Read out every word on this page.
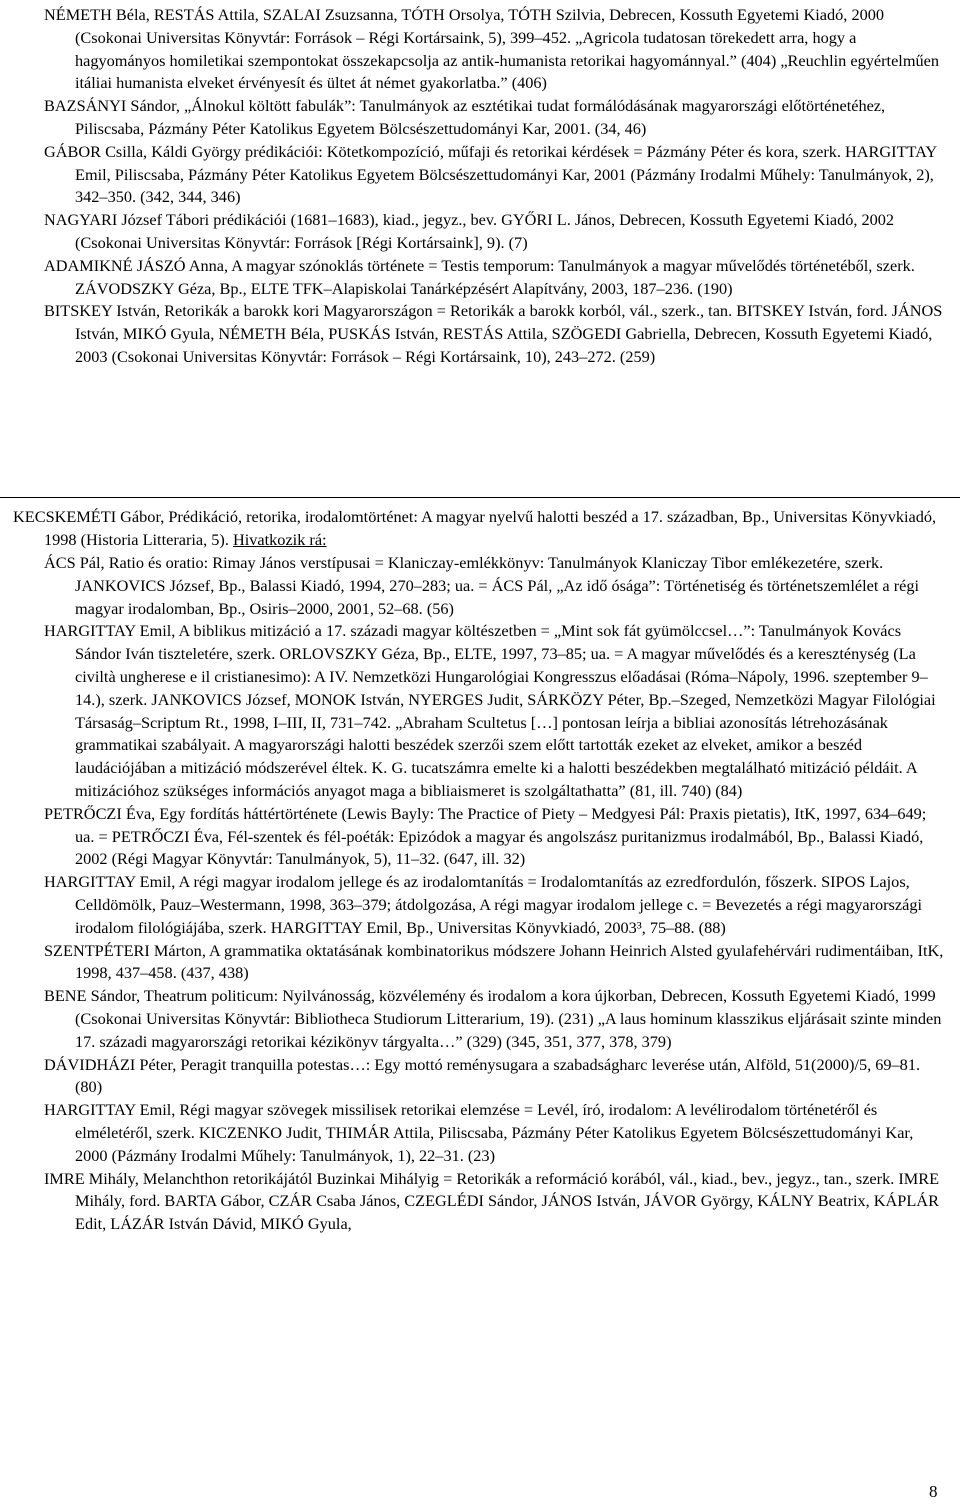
NÉMETH Béla, RESTÁS Attila, SZALAI Zsuzsanna, TÓTH Orsolya, TÓTH Szilvia, Debrecen, Kossuth Egyetemi Kiadó, 2000 (Csokonai Universitas Könyvtár: Források – Régi Kortársaink, 5), 399–452. „Agricola tudatosan törekedett arra, hogy a hagyományos homiletikai szempontokat összekapcsolja az antik-humanista retorikai hagyománnyal.” (404) „Reuchlin egyértelműen itáliai humanista elveket érvényesít és ültet át német gyakorlatba.” (406)

BAZSÁNYI Sándor, „Álnokul költött fabulák”: Tanulmányok az esztétikai tudat formálódásának magyarországi előtörténetéhez, Piliscsaba, Pázmány Péter Katolikus Egyetem Bölcsészettudományi Kar, 2001. (34, 46)

GÁBOR Csilla, Káldi György prédikációi: Kötetkompozíció, műfaji és retorikai kérdések = Pázmány Péter és kora, szerk. HARGITTAY Emil, Piliscsaba, Pázmány Péter Katolikus Egyetem Bölcsészettudományi Kar, 2001 (Pázmány Irodalmi Műhely: Tanulmányok, 2), 342–350. (342, 344, 346)

NAGYARI József Tábori prédikációi (1681–1683), kiad., jegyz., bev. GYŐRI L. János, Debrecen, Kossuth Egyetemi Kiadó, 2002 (Csokonai Universitas Könyvtár: Források [Régi Kortársaink], 9). (7)

ADAMIKNÉ JÁSZÓ Anna, A magyar szónoklás története = Testis temporum: Tanulmányok a magyar művelődés történetéből, szerk. ZÁVODSZKY Géza, Bp., ELTE TFK–Alapiskolai Tanárképzésért Alapítvány, 2003, 187–236. (190)

BITSKEY István, Retorikák a barokk kori Magyarországon = Retorikák a barokk korból, vál., szerk., tan. BITSKEY István, ford. JÁNOS István, MIKÓ Gyula, NÉMETH Béla, PUSKÁS István, RESTÁS Attila, SZÖGEDI Gabriella, Debrecen, Kossuth Egyetemi Kiadó, 2003 (Csokonai Universitas Könyvtár: Források – Régi Kortársaink, 10), 243–272. (259)

KECSKEMÉTI Gábor, Prédikáció, retorika, irodalomtörténet: A magyar nyelvű halotti beszéd a 17. században, Bp., Universitas Könyvkiadó, 1998 (Historia Litteraria, 5). Hivatkozik rá:

ÁCS Pál, Ratio és oratio: Rimay János verstípusai = Klaniczay-emlékkönyv: Tanulmányok Klaniczay Tibor emlékezetére, szerk. JANKOVICS József, Bp., Balassi Kiadó, 1994, 270–283; ua. = ÁCS Pál, „Az idő ósága”: Történetiség és történetszemlélet a régi magyar irodalomban, Bp., Osiris–2000, 2001, 52–68. (56)

HARGITTAY Emil, A biblikus mitizáció a 17. századi magyar költészetben = „Mint sok fát gyümölccsel…”: Tanulmányok Kovács Sándor Iván tiszteletére, szerk. ORLOVSZKY Géza, Bp., ELTE, 1997, 73–85; ua. = A magyar művelődés és a kereszténység (La civiltà ungherese e il cristianesimo): A IV. Nemzetközi Hungarológiai Kongresszus előadásai (Róma–Nápoly, 1996. szeptember 9–14.), szerk. JANKOVICS József, MONOK István, NYERGES Judit, SÁRKÖZY Péter, Bp.–Szeged, Nemzetközi Magyar Filológiai Társaság–Scriptum Rt., 1998, I–III, II, 731–742. „Abraham Scultetus […] pontosan leírja a bibliai azonosítás létrehozásának grammatikai szabályait. A magyarországi halotti beszédek szerzői szem előtt tartották ezeket az elveket, amikor a beszéd laudációjában a mitizáció módszerével éltek. K. G. tucatszámra emelte ki a halotti beszédekben megtalálható mitizáció példáit. A mitizációhoz szükséges információs anyagot maga a bibliaismeret is szolgáltathatta” (81, ill. 740) (84)

PETRŐCZI Éva, Egy fordítás háttértörténete (Lewis Bayly: The Practice of Piety – Medgyesi Pál: Praxis pietatis), ItK, 1997, 634–649; ua. = PETRŐCZI Éva, Fél-szentek és fél-poéták: Epizódok a magyar és angolszász puritanizmus irodalmából, Bp., Balassi Kiadó, 2002 (Régi Magyar Könyvtár: Tanulmányok, 5), 11–32. (647, ill. 32)

HARGITTAY Emil, A régi magyar irodalom jellege és az irodalomtanítás = Irodalomtanítás az ezredfordulón, főszerk. SIPOS Lajos, Celldömölk, Pauz–Westermann, 1998, 363–379; átdolgozása, A régi magyar irodalom jellege c. = Bevezetés a régi magyarországi irodalom filológiájába, szerk. HARGITTAY Emil, Bp., Universitas Könyvkiadó, 2003³, 75–88. (88)

SZENTPÉTERI Márton, A grammatika oktatásának kombinatorikus módszere Johann Heinrich Alsted gyulafehérvári rudimentáiban, ItK, 1998, 437–458. (437, 438)

BENE Sándor, Theatrum politicum: Nyilvánosság, közvélemény és irodalom a kora újkorban, Debrecen, Kossuth Egyetemi Kiadó, 1999 (Csokonai Universitas Könyvtár: Bibliotheca Studiorum Litterarium, 19). (231) „A laus hominum klasszikus eljárásait szinte minden 17. századi magyarországi retorikai kézikönyv tárgyalta…” (329) (345, 351, 377, 378, 379)

DÁVIDHÁZI Péter, Peragit tranquilla potestas…: Egy mottó reménysugara a szabadságharc leverése után, Alföld, 51(2000)/5, 69–81. (80)

HARGITTAY Emil, Régi magyar szövegek missilisek retorikai elemzése = Levél, író, irodalom: A levélirodalom történetéről és elméletéről, szerk. KICZENKO Judit, THIMÁR Attila, Piliscsaba, Pázmány Péter Katolikus Egyetem Bölcsészettudományi Kar, 2000 (Pázmány Irodalmi Műhely: Tanulmányok, 1), 22–31. (23)

IMRE Mihály, Melanchthon retorikájától Buzinkai Mihályig = Retorikák a reformáció korából, vál., kiad., bev., jegyz., tan., szerk. IMRE Mihály, ford. BARTA Gábor, CZÁR Csaba János, CZEGLÉDI Sándor, JÁNOS István, JÁVOR György, KÁLNY Beatrix, KÁPLÁR Edit, LÁZÁR István Dávid, MIKÓ Gyula,

8
